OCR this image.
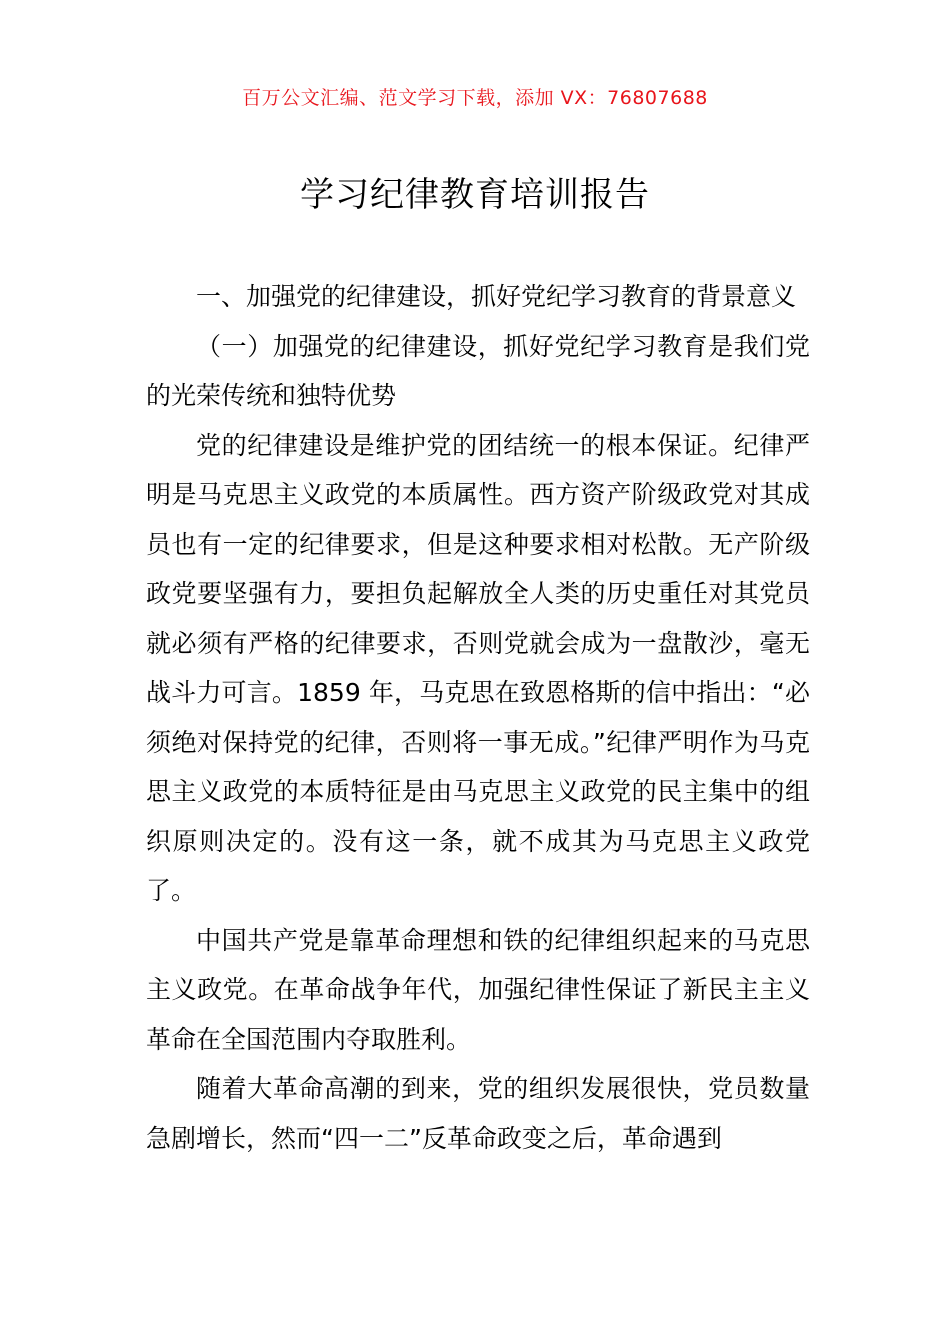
百万公文汇编、范文学习下载，添加 VX：76807688
学习纪律教育培训报告

一、加强党的纪律建设，抓好党纪学习教育的背景意义

（一）加强党的纪律建设，抓好党纪学习教育是我们党的光荣传统和独特优势

党的纪律建设是维护党的团结统一的根本保证。纪律严明是马克思主义政党的本质属性。西方资产阶级政党对其成员也有一定的纪律要求，但是这种要求相对松散。无产阶级政党要坚强有力，要担负起解放全人类的历史重任对其党员就必须有严格的纪律要求，否则党就会成为一盘散沙，毫无战斗力可言。1859 年，马克思在致恩格斯的信中指出：“必须绝对保持党的纪律，否则将一事无成。”纪律严明作为马克思主义政党的本质特征是由马克思主义政党的民主集中的组织原则决定的。没有这一条，就不成其为马克思主义政党了。

中国共产党是靠革命理想和铁的纪律组织起来的马克思主义政党。在革命战争年代，加强纪律性保证了新民主主义革命在全国范围内夺取胜利。

随着大革命高潮的到来，党的组织发展很快，党员数量急剧增长，然而“四一二”反革命政变之后，革命遇到
